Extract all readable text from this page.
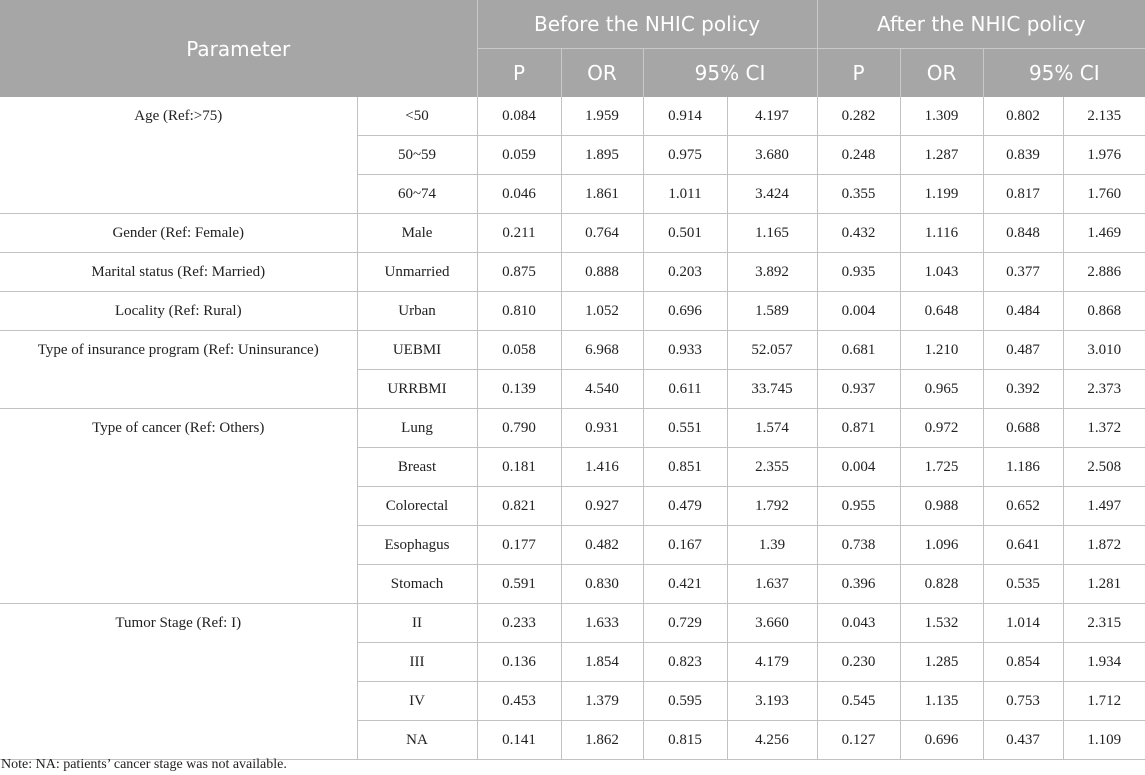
Parameter		Before the NHIC policy				After the NHIC policy			
		P	OR	95% CI		P	OR	95% CI	
Age (Ref:>75)	<50	0.084	1.959	0.914	4.197	0.282	1.309	0.802	2.135
	50~59	0.059	1.895	0.975	3.680	0.248	1.287	0.839	1.976
	60~74	0.046	1.861	1.011	3.424	0.355	1.199	0.817	1.760
Gender (Ref: Female)	Male	0.211	0.764	0.501	1.165	0.432	1.116	0.848	1.469
Marital status (Ref: Married)	Unmarried	0.875	0.888	0.203	3.892	0.935	1.043	0.377	2.886
Locality (Ref: Rural)	Urban	0.810	1.052	0.696	1.589	0.004	0.648	0.484	0.868
Type of insurance program (Ref: Uninsurance)	UEBMI	0.058	6.968	0.933	52.057	0.681	1.210	0.487	3.010
	URRBMI	0.139	4.540	0.611	33.745	0.937	0.965	0.392	2.373
Type of cancer (Ref: Others)	Lung	0.790	0.931	0.551	1.574	0.871	0.972	0.688	1.372
	Breast	0.181	1.416	0.851	2.355	0.004	1.725	1.186	2.508
	Colorectal	0.821	0.927	0.479	1.792	0.955	0.988	0.652	1.497
	Esophagus	0.177	0.482	0.167	1.39	0.738	1.096	0.641	1.872
	Stomach	0.591	0.830	0.421	1.637	0.396	0.828	0.535	1.281
Tumor Stage (Ref: I)	II	0.233	1.633	0.729	3.660	0.043	1.532	1.014	2.315
	III	0.136	1.854	0.823	4.179	0.230	1.285	0.854	1.934
	IV	0.453	1.379	0.595	3.193	0.545	1.135	0.753	1.712
	NA	0.141	1.862	0.815	4.256	0.127	0.696	0.437	1.109
Note: NA: patients’ cancer stage was not available.
